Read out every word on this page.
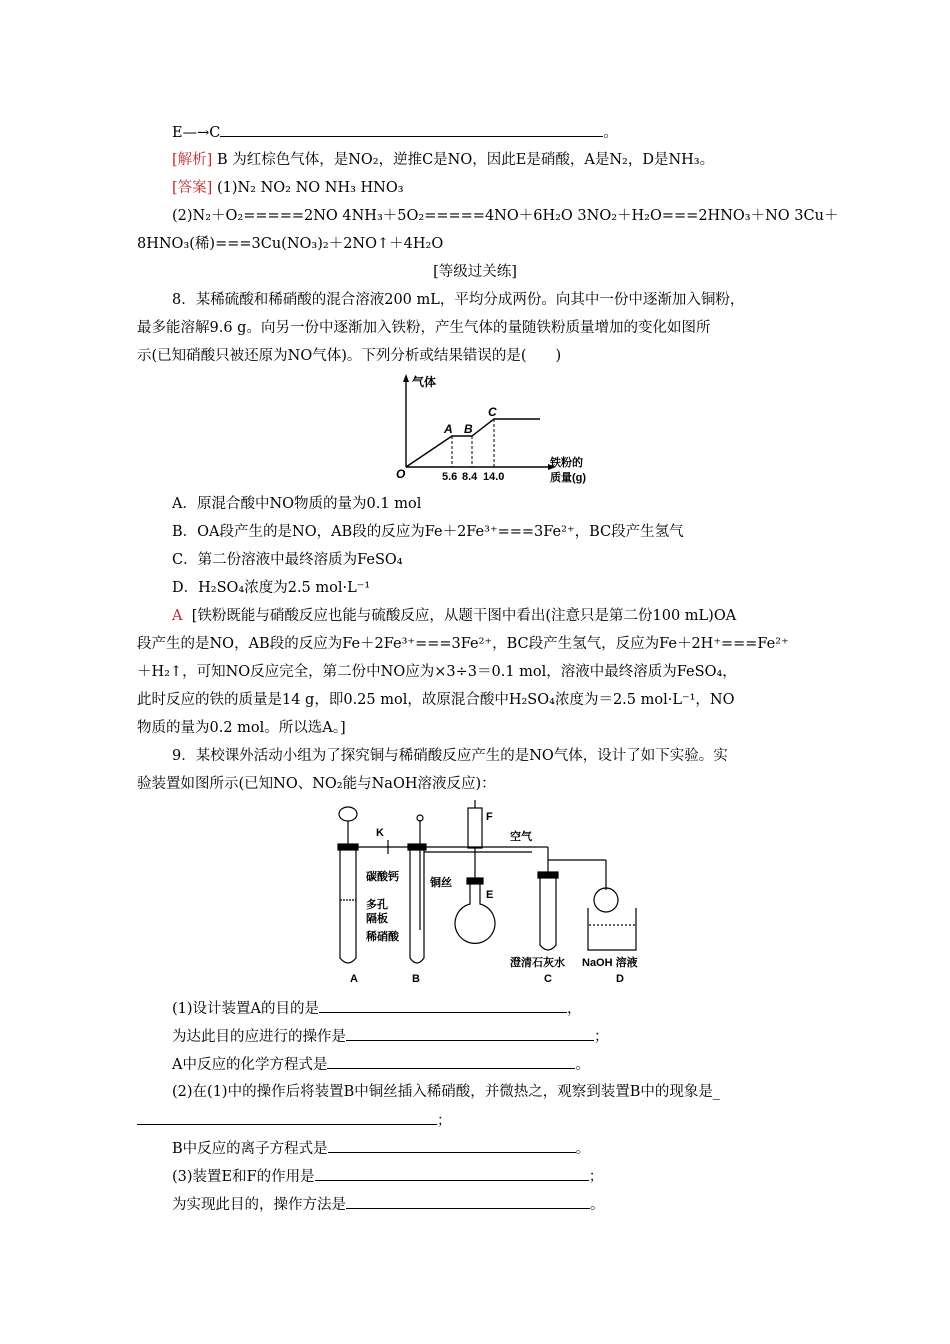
E—→C	。
[解析] B 为红棕色气体，是NO₂，逆推C是NO，因此E是硝酸，A是N₂，D是NH₃。
[答案] (1)N₂ NO₂ NO NH₃ HNO₃
(2)N₂＋O₂=====2NO 4NH₃＋5O₂=====4NO＋6H₂O 3NO₂＋H₂O===2HNO₃＋NO 3Cu＋
8HNO₃(稀)===3Cu(NO₃)₂＋2NO↑＋4H₂O
[等级过关练]
8．某稀硫酸和稀硝酸的混合溶液200 mL，平均分成两份。向其中一份中逐渐加入铜粉，
最多能溶解9.6 g。向另一份中逐渐加入铁粉，产生气体的量随铁粉质量增加的变化如图所
示(已知硝酸只被还原为NO气体)。下列分析或结果错误的是(　　)
气体
O
A B
C
5.6 8.4 14.0
铁粉的
质量(g)
A．原混合酸中NO物质的量为0.1 mol
B．OA段产生的是NO，AB段的反应为Fe＋2Fe³⁺===3Fe²⁺，BC段产生氢气
C．第二份溶液中最终溶质为FeSO₄
D．H₂SO₄浓度为2.5 mol·L⁻¹
A [铁粉既能与硝酸反应也能与硫酸反应，从题干图中看出(注意只是第二份100 mL)OA
段产生的是NO，AB段的反应为Fe＋2Fe³⁺===3Fe²⁺，BC段产生氢气，反应为Fe＋2H⁺===Fe²⁺
＋H₂↑，可知NO反应完全，第二份中NO应为×3÷3＝0.1 mol，溶液中最终溶质为FeSO₄，
此时反应的铁的质量是14 g，即0.25 mol，故原混合酸中H₂SO₄浓度为＝2.5 mol·L⁻¹，NO
物质的量为0.2 mol。所以选A。]
9．某校课外活动小组为了探究铜与稀硝酸反应产生的是NO气体，设计了如下实验。实
验装置如图所示(已知NO、NO₂能与NaOH溶液反应)：
K
F
空气
碳酸钙	铜丝
E
多孔
隔板
稀硝酸
澄清石灰水 NaOH 溶液
A	B	C	D
(1)设计装置A的目的是	，
为达此目的应进行的操作是	；
A中反应的化学方程式是	。
(2)在(1)中的操作后将装置B中铜丝插入稀硝酸，并微热之，观察到装置B中的现象是_
；
B中反应的离子方程式是	。
(3)装置E和F的作用是	；
为实现此目的，操作方法是	。
